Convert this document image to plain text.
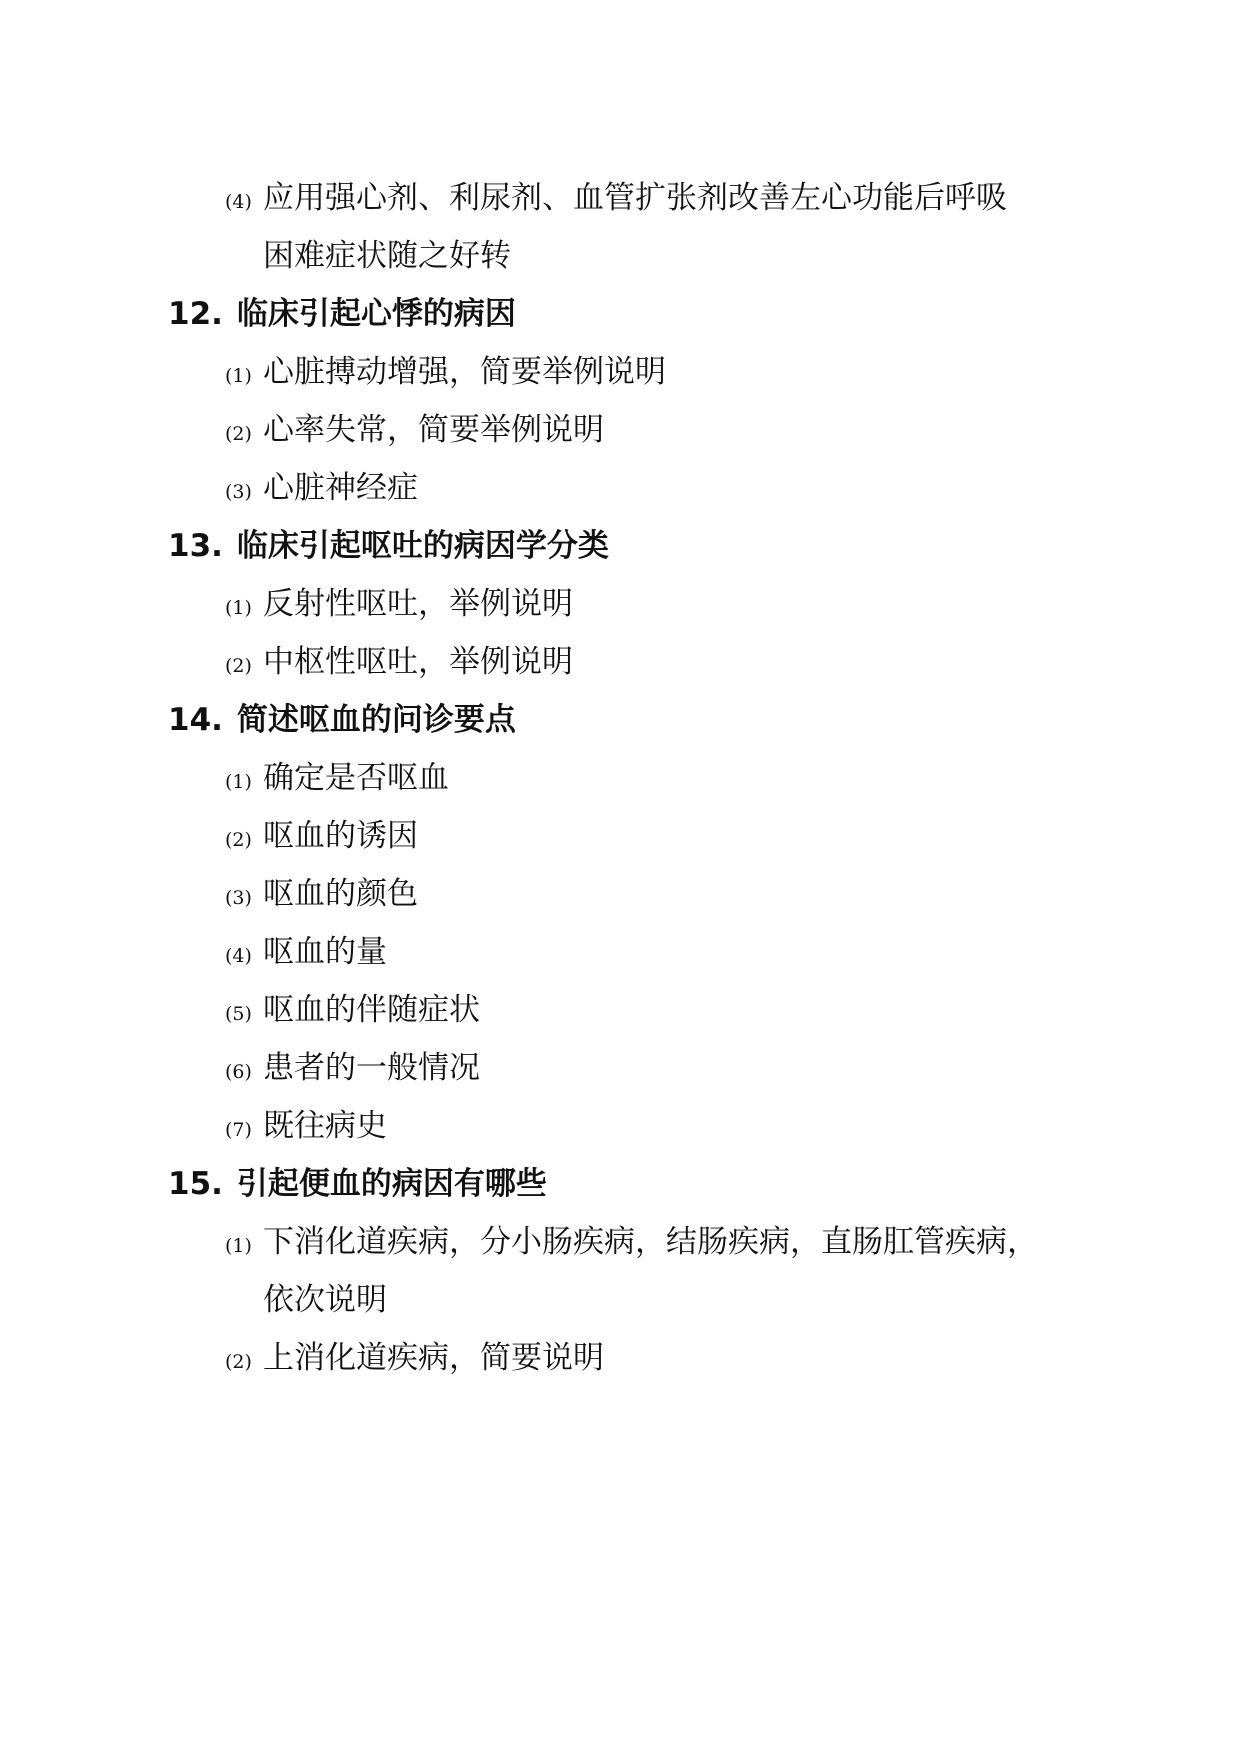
(4) 应用强心剂、利尿剂、血管扩张剂改善左心功能后呼吸
困难症状随之好转
12. 临床引起心悸的病因
(1) 心脏搏动增强，简要举例说明
(2) 心率失常，简要举例说明
(3) 心脏神经症
13. 临床引起呕吐的病因学分类
(1) 反射性呕吐，举例说明
(2) 中枢性呕吐，举例说明
14. 简述呕血的问诊要点
(1) 确定是否呕血
(2) 呕血的诱因
(3) 呕血的颜色
(4) 呕血的量
(5) 呕血的伴随症状
(6) 患者的一般情况
(7) 既往病史
15. 引起便血的病因有哪些
(1) 下消化道疾病，分小肠疾病，结肠疾病，直肠肛管疾病，
依次说明
(2) 上消化道疾病，简要说明
